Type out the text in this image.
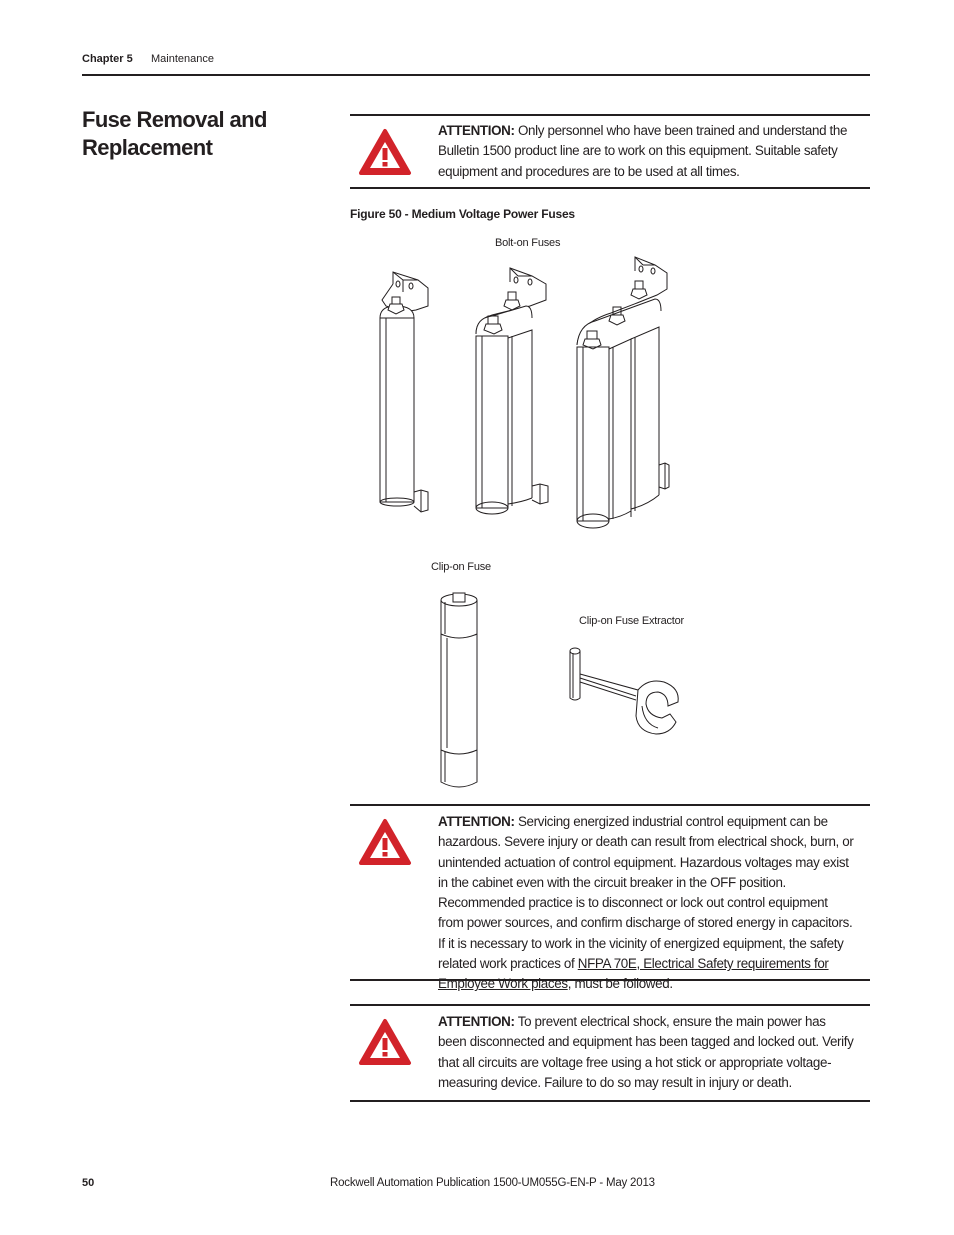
Chapter 5 Maintenance
Fuse Removal and Replacement
ATTENTION: Only personnel who have been trained and understand the Bulletin 1500 product line are to work on this equipment. Suitable safety equipment and procedures are to be used at all times.
Figure 50 - Medium Voltage Power Fuses
Bolt-on Fuses
Clip-on Fuse
Clip-on Fuse Extractor
ATTENTION: Servicing energized industrial control equipment can be hazardous. Severe injury or death can result from electrical shock, burn, or unintended actuation of control equipment. Hazardous voltages may exist in the cabinet even with the circuit breaker in the OFF position. Recommended practice is to disconnect or lock out control equipment from power sources, and confirm discharge of stored energy in capacitors. If it is necessary to work in the vicinity of energized equipment, the safety related work practices of NFPA 70E, Electrical Safety requirements for Employee Work places, must be followed.
ATTENTION: To prevent electrical shock, ensure the main power has been disconnected and equipment has been tagged and locked out. Verify that all circuits are voltage free using a hot stick or appropriate voltage-measuring device. Failure to do so may result in injury or death.
50	Rockwell Automation Publication 1500-UM055G-EN-P - May 2013
